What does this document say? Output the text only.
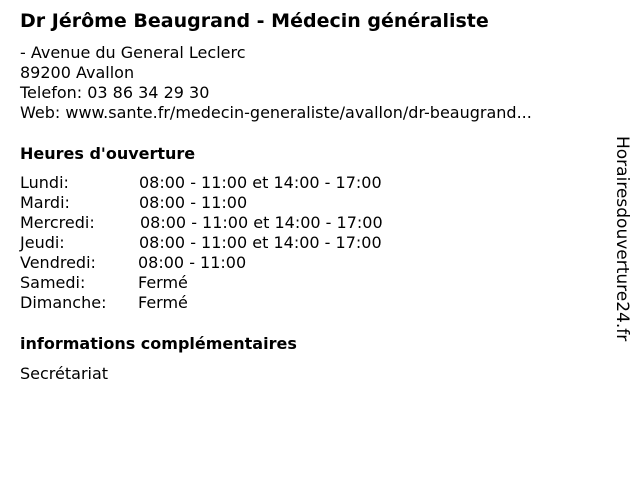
Dr Jérôme Beaugrand - Médecin généraliste
- Avenue du General Leclerc
89200 Avallon
Telefon: 03 86 34 29 30
Web: www.sante.fr/medecin-generaliste/avallon/dr-beaugrand...
Heures d'ouverture
Lundi:	08:00 - 11:00 et 14:00 - 17:00
Mardi:	08:00 - 11:00
Mercredi:	08:00 - 11:00 et 14:00 - 17:00
Jeudi:	08:00 - 11:00 et 14:00 - 17:00
Vendredi:	08:00 - 11:00
Samedi:	Fermé
Dimanche: Fermé
informations complémentaires
Secrétariat
Horairesdouverture24.fr
